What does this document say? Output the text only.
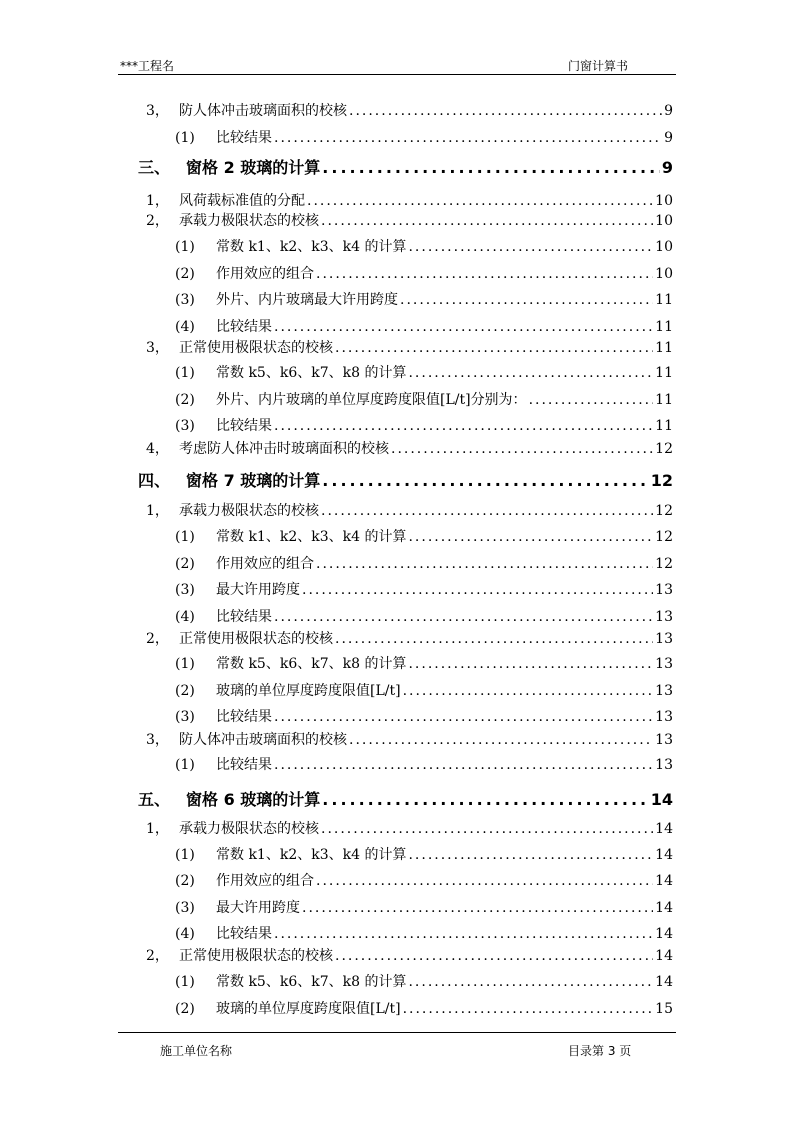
***工程名	门窗计算书
3， 防人体冲击玻璃面积的校核 .....	9
(1)	比较结果 .....	9
三、 窗格 2 玻璃的计算 .....	9
1， 风荷载标准值的分配 .....	10
2， 承载力极限状态的校核 .....	10
(1)	常数 k1、k2、k3、k4 的计算 .....	10
(2)	作用效应的组合 .....	10
(3)	外片、内片玻璃最大许用跨度 .....	11
(4)	比较结果 .....	11
3， 正常使用极限状态的校核 .....	11
(1)	常数 k5、k6、k7、k8 的计算 .....	11
(2)	外片、内片玻璃的单位厚度跨度限值[L/t]分别为： .....	11
(3)	比较结果 .....	11
4， 考虑防人体冲击时玻璃面积的校核 .....	12
四、 窗格 7 玻璃的计算 .....	12
1， 承载力极限状态的校核 .....	12
(1)	常数 k1、k2、k3、k4 的计算 .....	12
(2)	作用效应的组合 .....	12
(3)	最大许用跨度 .....	13
(4)	比较结果 .....	13
2， 正常使用极限状态的校核 .....	13
(1)	常数 k5、k6、k7、k8 的计算 .....	13
(2)	玻璃的单位厚度跨度限值[L/t] .....	13
(3)	比较结果 .....	13
3， 防人体冲击玻璃面积的校核 .....	13
(1)	比较结果 .....	13
五、 窗格 6 玻璃的计算 .....	14
1， 承载力极限状态的校核 .....	14
(1)	常数 k1、k2、k3、k4 的计算 .....	14
(2)	作用效应的组合 .....	14
(3)	最大许用跨度 .....	14
(4)	比较结果 .....	14
2， 正常使用极限状态的校核 .....	14
(1)	常数 k5、k6、k7、k8 的计算 .....	14
(2)	玻璃的单位厚度跨度限值[L/t] .....	15
施工单位名称	目录第 3 页
